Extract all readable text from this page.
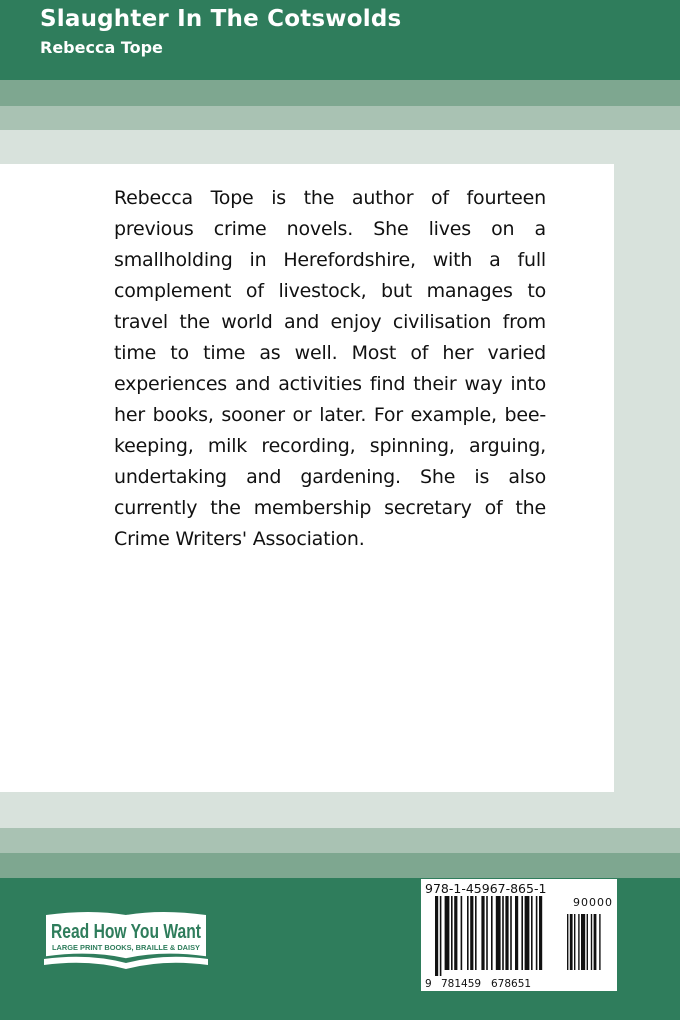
Slaughter In The Cotswolds
Rebecca Tope

Rebecca Tope is the author of fourteen previous crime novels. She lives on a smallholding in Herefordshire, with a full complement of livestock, but manages to travel the world and enjoy civilisation from time to time as well. Most of her varied experiences and activities find their way into her books, sooner or later. For example, bee-keeping, milk recording, spinning, arguing, undertaking and gardening. She is also currently the membership secretary of the Crime Writers' Association.

Read How You Want
LARGE PRINT BOOKS, BRAILLE & DAISY
978-1-45967-865-1
90000
9 781459 678651
